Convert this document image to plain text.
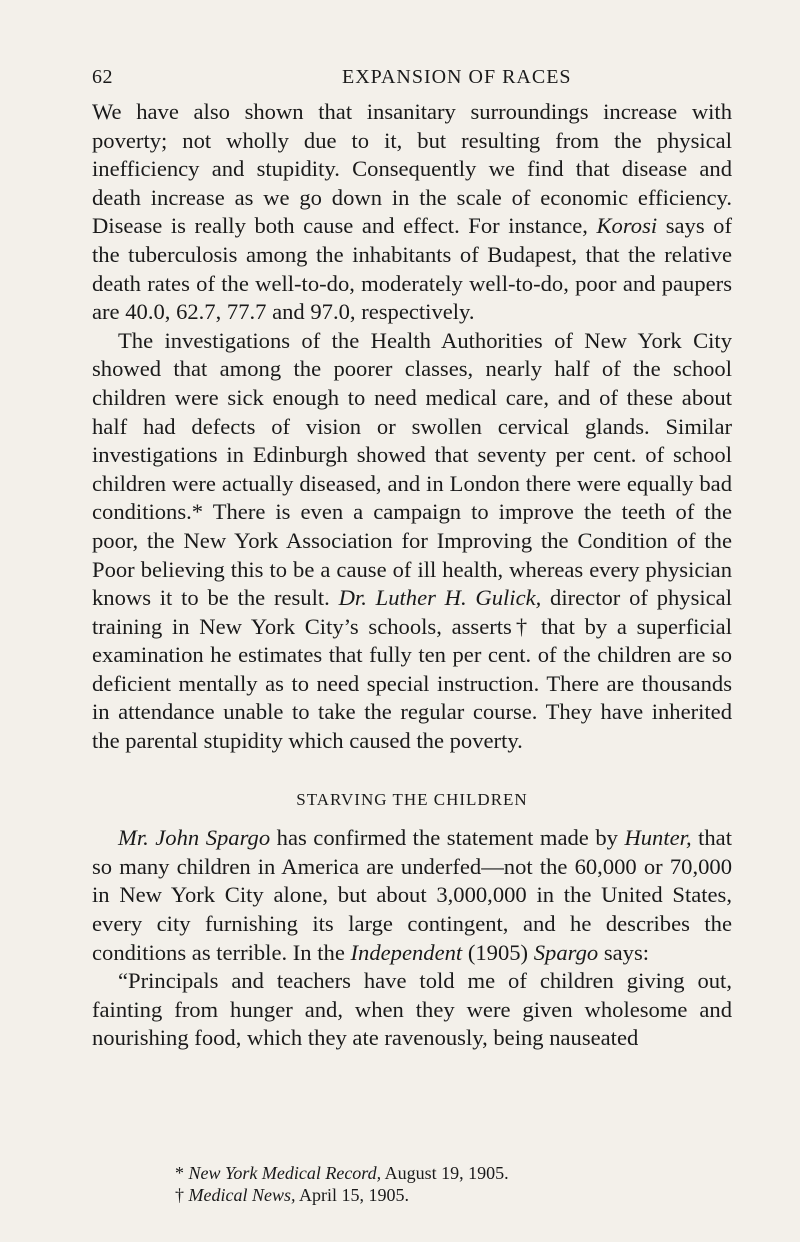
62	EXPANSION OF RACES

We have also shown that insanitary surroundings increase with poverty; not wholly due to it, but resulting from the physical inefficiency and stupidity. Consequently we find that disease and death increase as we go down in the scale of economic efficiency. Disease is really both cause and effect. For instance, Korosi says of the tuberculosis among the inhabitants of Budapest, that the relative death rates of the well-to-do, moderately well-to-do, poor and paupers are 40.0, 62.7, 77.7 and 97.0, respectively.

The investigations of the Health Authorities of New York City showed that among the poorer classes, nearly half of the school children were sick enough to need medical care, and of these about half had defects of vision or swollen cervical glands. Similar investigations in Edinburgh showed that seventy per cent. of school children were actually diseased, and in London there were equally bad conditions.* There is even a campaign to improve the teeth of the poor, the New York Association for Improving the Condition of the Poor believing this to be a cause of ill health, whereas every physician knows it to be the result. Dr. Luther H. Gulick, director of physical training in New York City’s schools, asserts† that by a superficial examination he estimates that fully ten per cent. of the children are so deficient mentally as to need special instruction. There are thousands in attendance unable to take the regular course. They have inherited the parental stupidity which caused the poverty.

STARVING THE CHILDREN

Mr. John Spargo has confirmed the statement made by Hunter, that so many children in America are underfed—not the 60,000 or 70,000 in New York City alone, but about 3,000,000 in the United States, every city furnishing its large contingent, and he describes the conditions as terrible. In the Independent (1905) Spargo says:

“Principals and teachers have told me of children giving out, fainting from hunger and, when they were given wholesome and nourishing food, which they ate ravenously, being nauseated

* New York Medical Record, August 19, 1905.
† Medical News, April 15, 1905.
